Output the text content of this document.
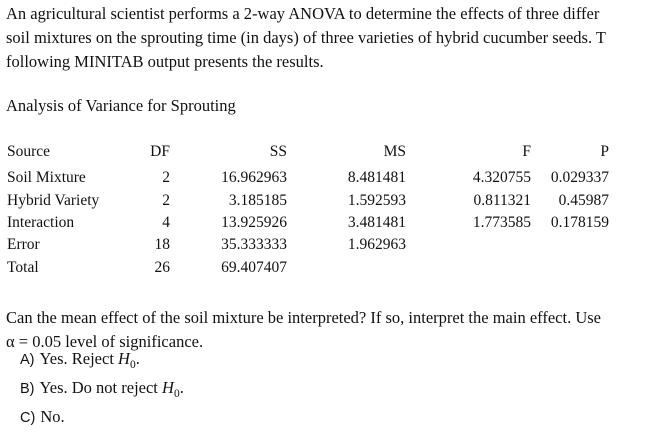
An agricultural scientist performs a 2-way ANOVA to determine the effects of three differ
soil mixtures on the sprouting time (in days) of three varieties of hybrid cucumber seeds. T
following MINITAB output presents the results.
Analysis of Variance for Sprouting
Source	DF	SS	MS	F	P
Soil Mixture	2	16.962963	8.481481	4.320755 0.029337
Hybrid Variety	2	3.185185	1.592593	0.811321 0.45987
Interaction	4	13.925926	3.481481	1.773585 0.178159
Error	18	35.333333	1.962963
Total	26	69.407407
Can the mean effect of the soil mixture be interpreted? If so, interpret the main effect. Use
α = 0.05 level of significance.
A) Yes. Reject $H_0$.
B) Yes. Do not reject $H_0$.
C) No.
